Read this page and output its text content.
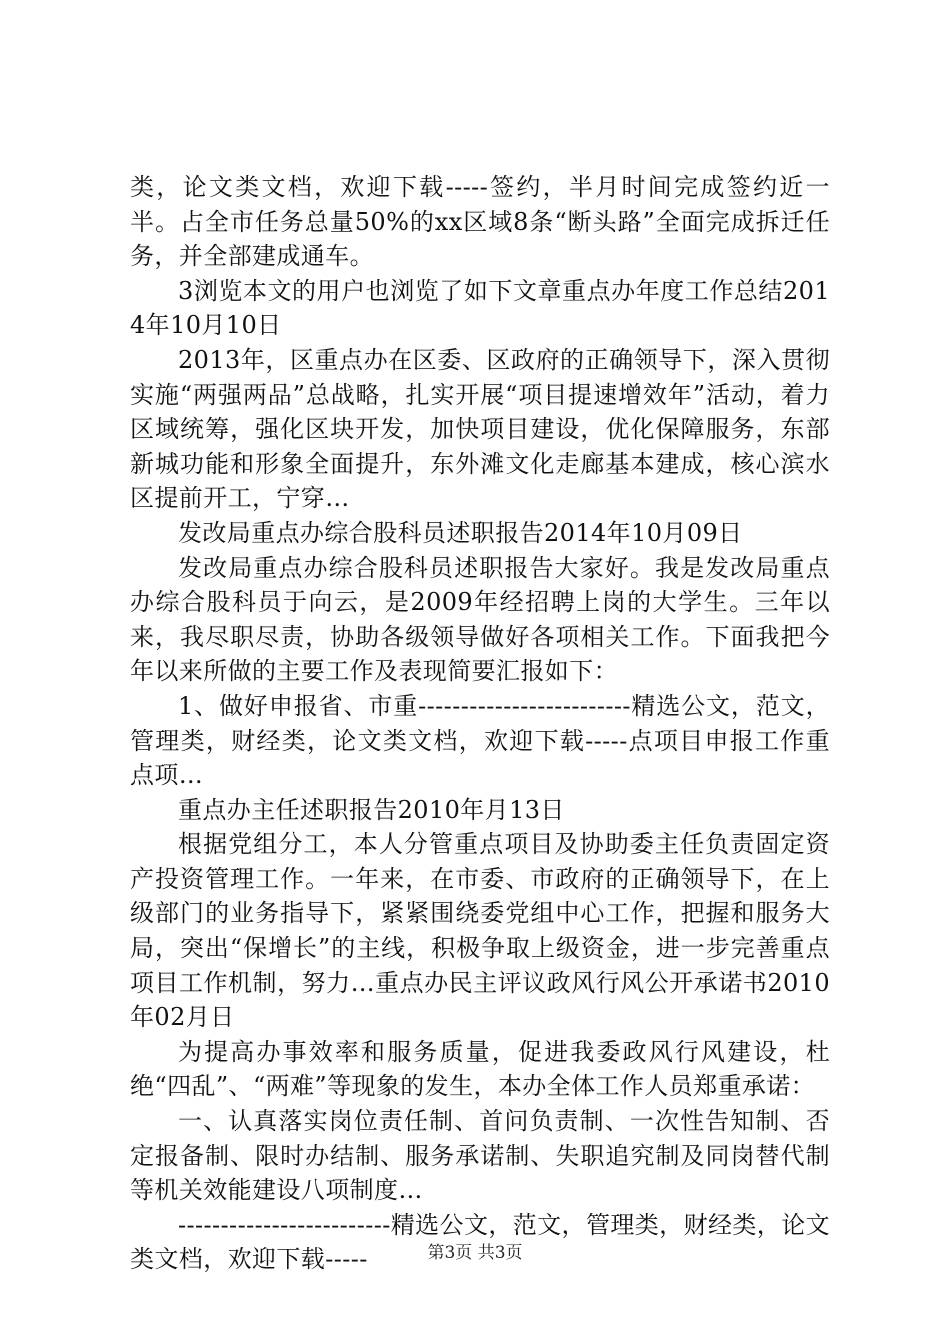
类，论文类文档，欢迎下载-----签约，半月时间完成签约近一半。占全市任务总量50%的xx区域8条“断头路”全面完成拆迁任务，并全部建成通车。

3浏览本文的用户也浏览了如下文章重点办年度工作总结2014年10月10日

2013年，区重点办在区委、区政府的正确领导下，深入贯彻实施“两强两品”总战略，扎实开展“项目提速增效年”活动，着力区域统筹，强化区块开发，加快项目建设，优化保障服务，东部新城功能和形象全面提升，东外滩文化走廊基本建成，核心滨水区提前开工，宁穿…

发改局重点办综合股科员述职报告2014年10月09日

发改局重点办综合股科员述职报告大家好。我是发改局重点办综合股科员于向云，是2009年经招聘上岗的大学生。三年以来，我尽职尽责，协助各级领导做好各项相关工作。下面我把今年以来所做的主要工作及表现简要汇报如下：

1、做好申报省、市重-------------------------精选公文，范文，管理类，财经类，论文类文档，欢迎下载-----点项目申报工作重点项…

重点办主任述职报告2010年月13日

根据党组分工，本人分管重点项目及协助委主任负责固定资产投资管理工作。一年来，在市委、市政府的正确领导下，在上级部门的业务指导下，紧紧围绕委党组中心工作，把握和服务大局，突出“保增长”的主线，积极争取上级资金，进一步完善重点项目工作机制，努力…重点办民主评议政风行风公开承诺书2010年02月日

为提高办事效率和服务质量，促进我委政风行风建设，杜绝“四乱”、“两难”等现象的发生，本办全体工作人员郑重承诺：

一、认真落实岗位责任制、首问负责制、一次性告知制、否定报备制、限时办结制、服务承诺制、失职追究制及同岗替代制等机关效能建设八项制度…

-------------------------精选公文，范文，管理类，财经类，论文类文档，欢迎下载-----	第3页 共3页
